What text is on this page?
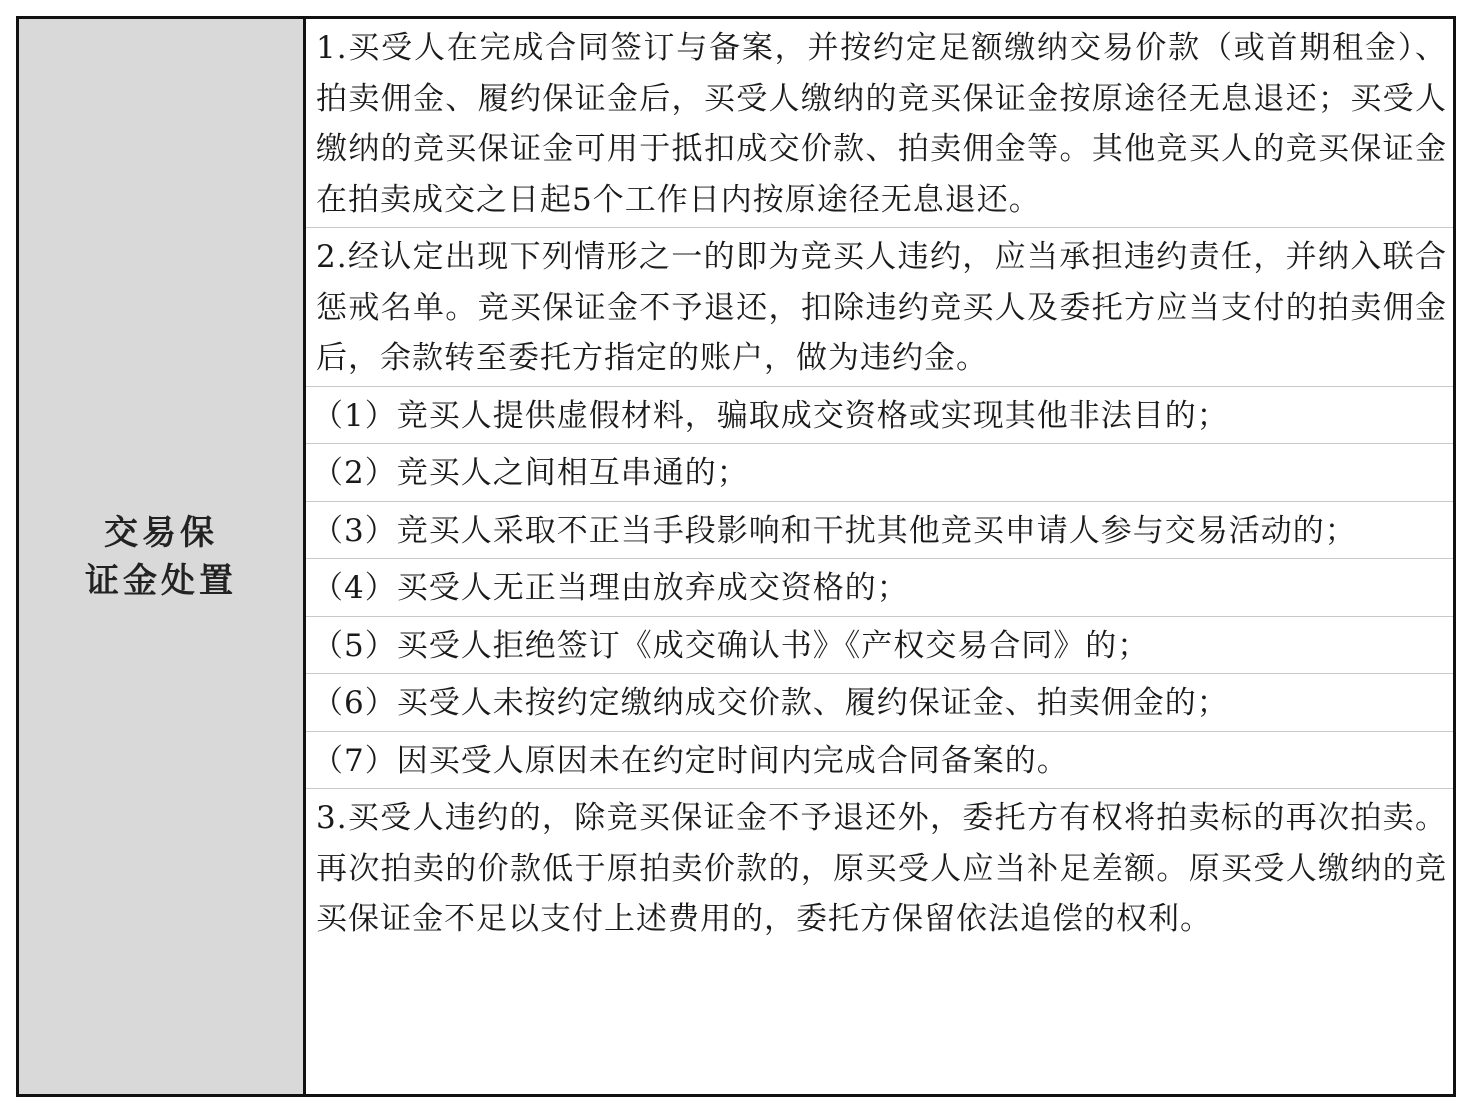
交易保
证金处置
1.买受人在完成合同签订与备案，并按约定足额缴纳交易价款（或首期租金）、拍卖佣金、履约保证金后，买受人缴纳的竞买保证金按原途径无息退还；买受人缴纳的竞买保证金可用于抵扣成交价款、拍卖佣金等。其他竞买人的竞买保证金在拍卖成交之日起5个工作日内按原途径无息退还。
2.经认定出现下列情形之一的即为竞买人违约，应当承担违约责任，并纳入联合惩戒名单。竞买保证金不予退还，扣除违约竞买人及委托方应当支付的拍卖佣金后，余款转至委托方指定的账户，做为违约金。
（1）竞买人提供虚假材料，骗取成交资格或实现其他非法目的；
（2）竞买人之间相互串通的；
（3）竞买人采取不正当手段影响和干扰其他竞买申请人参与交易活动的；
（4）买受人无正当理由放弃成交资格的；
（5）买受人拒绝签订《成交确认书》《产权交易合同》的；
（6）买受人未按约定缴纳成交价款、履约保证金、拍卖佣金的；
（7）因买受人原因未在约定时间内完成合同备案的。
3.买受人违约的，除竞买保证金不予退还外，委托方有权将拍卖标的再次拍卖。再次拍卖的价款低于原拍卖价款的，原买受人应当补足差额。原买受人缴纳的竞买保证金不足以支付上述费用的，委托方保留依法追偿的权利。
